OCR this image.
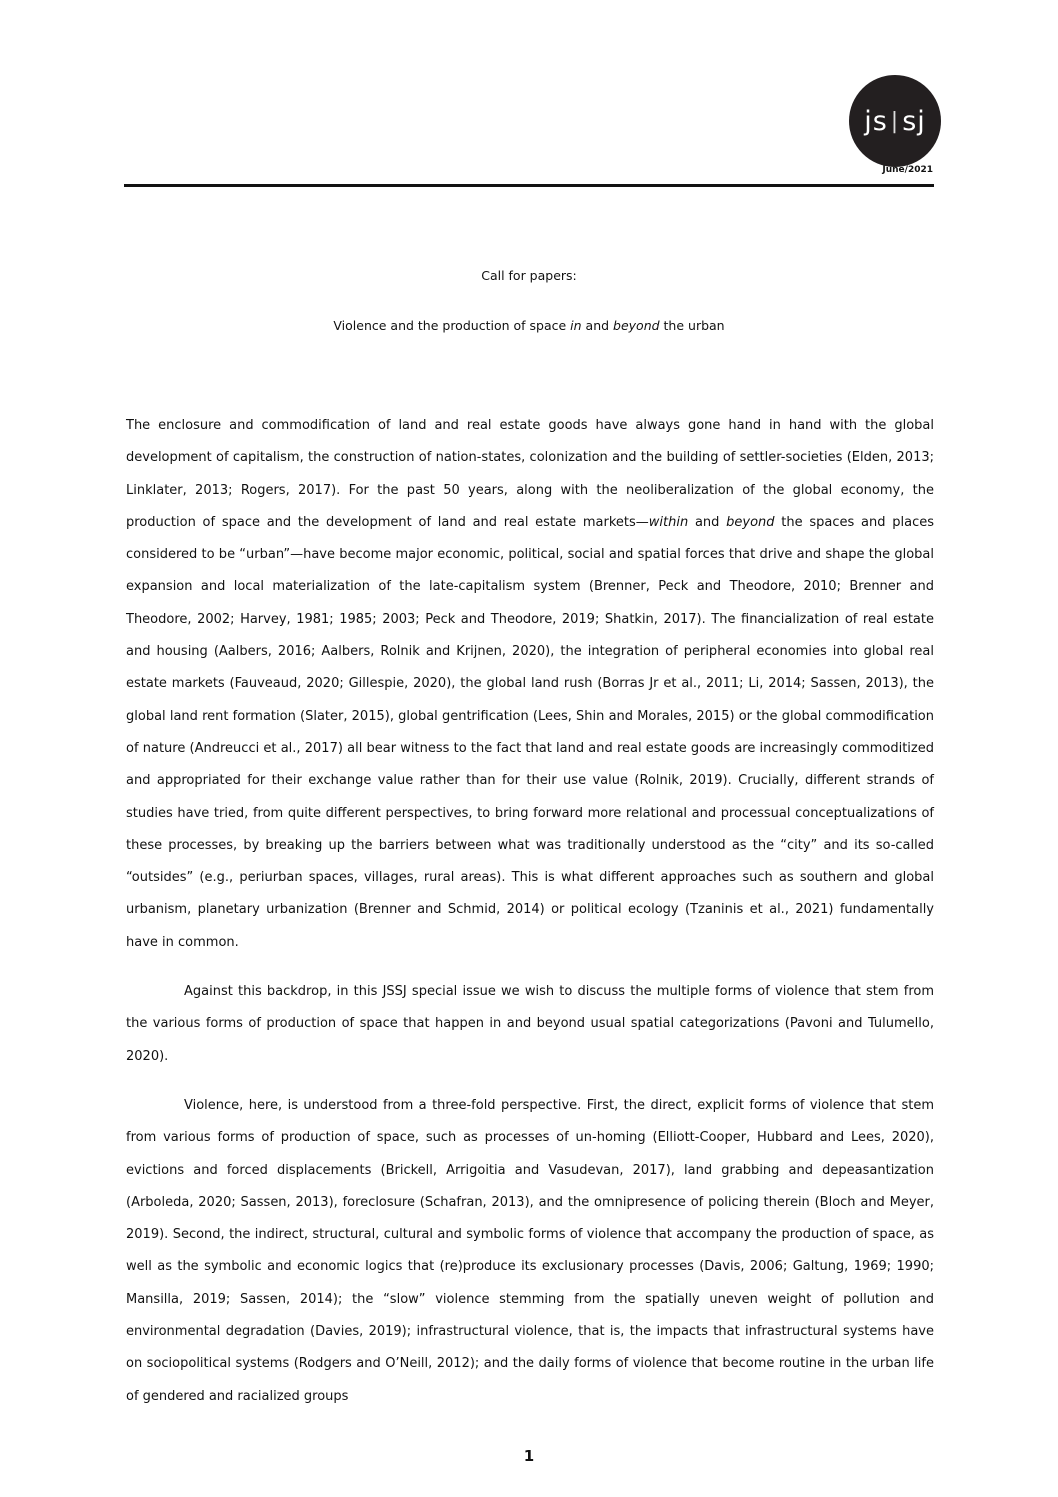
js | sj
June/2021
Call for papers:
Violence and the production of space in and beyond the urban

The enclosure and commodification of land and real estate goods have always gone hand in hand with the global development of capitalism, the construction of nation-states, colonization and the building of settler-societies (Elden, 2013; Linklater, 2013; Rogers, 2017). For the past 50 years, along with the neoliberalization of the global economy, the production of space and the development of land and real estate markets—within and beyond the spaces and places considered to be “urban”—have become major economic, political, social and spatial forces that drive and shape the global expansion and local materialization of the late-capitalism system (Brenner, Peck and Theodore, 2010; Brenner and Theodore, 2002; Harvey, 1981; 1985; 2003; Peck and Theodore, 2019; Shatkin, 2017). The financialization of real estate and housing (Aalbers, 2016; Aalbers, Rolnik and Krijnen, 2020), the integration of peripheral economies into global real estate markets (Fauveaud, 2020; Gillespie, 2020), the global land rush (Borras Jr et al., 2011; Li, 2014; Sassen, 2013), the global land rent formation (Slater, 2015), global gentrification (Lees, Shin and Morales, 2015) or the global commodification of nature (Andreucci et al., 2017) all bear witness to the fact that land and real estate goods are increasingly commoditized and appropriated for their exchange value rather than for their use value (Rolnik, 2019). Crucially, different strands of studies have tried, from quite different perspectives, to bring forward more relational and processual conceptualizations of these processes, by breaking up the barriers between what was traditionally understood as the “city” and its so-called “outsides” (e.g., periurban spaces, villages, rural areas). This is what different approaches such as southern and global urbanism, planetary urbanization (Brenner and Schmid, 2014) or political ecology (Tzaninis et al., 2021) fundamentally have in common.

Against this backdrop, in this JSSJ special issue we wish to discuss the multiple forms of violence that stem from the various forms of production of space that happen in and beyond usual spatial categorizations (Pavoni and Tulumello, 2020).

Violence, here, is understood from a three-fold perspective. First, the direct, explicit forms of violence that stem from various forms of production of space, such as processes of un-homing (Elliott-Cooper, Hubbard and Lees, 2020), evictions and forced displacements (Brickell, Arrigoitia and Vasudevan, 2017), land grabbing and depeasantization (Arboleda, 2020; Sassen, 2013), foreclosure (Schafran, 2013), and the omnipresence of policing therein (Bloch and Meyer, 2019). Second, the indirect, structural, cultural and symbolic forms of violence that accompany the production of space, as well as the symbolic and economic logics that (re)produce its exclusionary processes (Davis, 2006; Galtung, 1969; 1990; Mansilla, 2019; Sassen, 2014); the “slow” violence stemming from the spatially uneven weight of pollution and environmental degradation (Davies, 2019); infrastructural violence, that is, the impacts that infrastructural systems have on sociopolitical systems (Rodgers and O’Neill, 2012); and the daily forms of violence that become routine in the urban life of gendered and racialized groups

1
